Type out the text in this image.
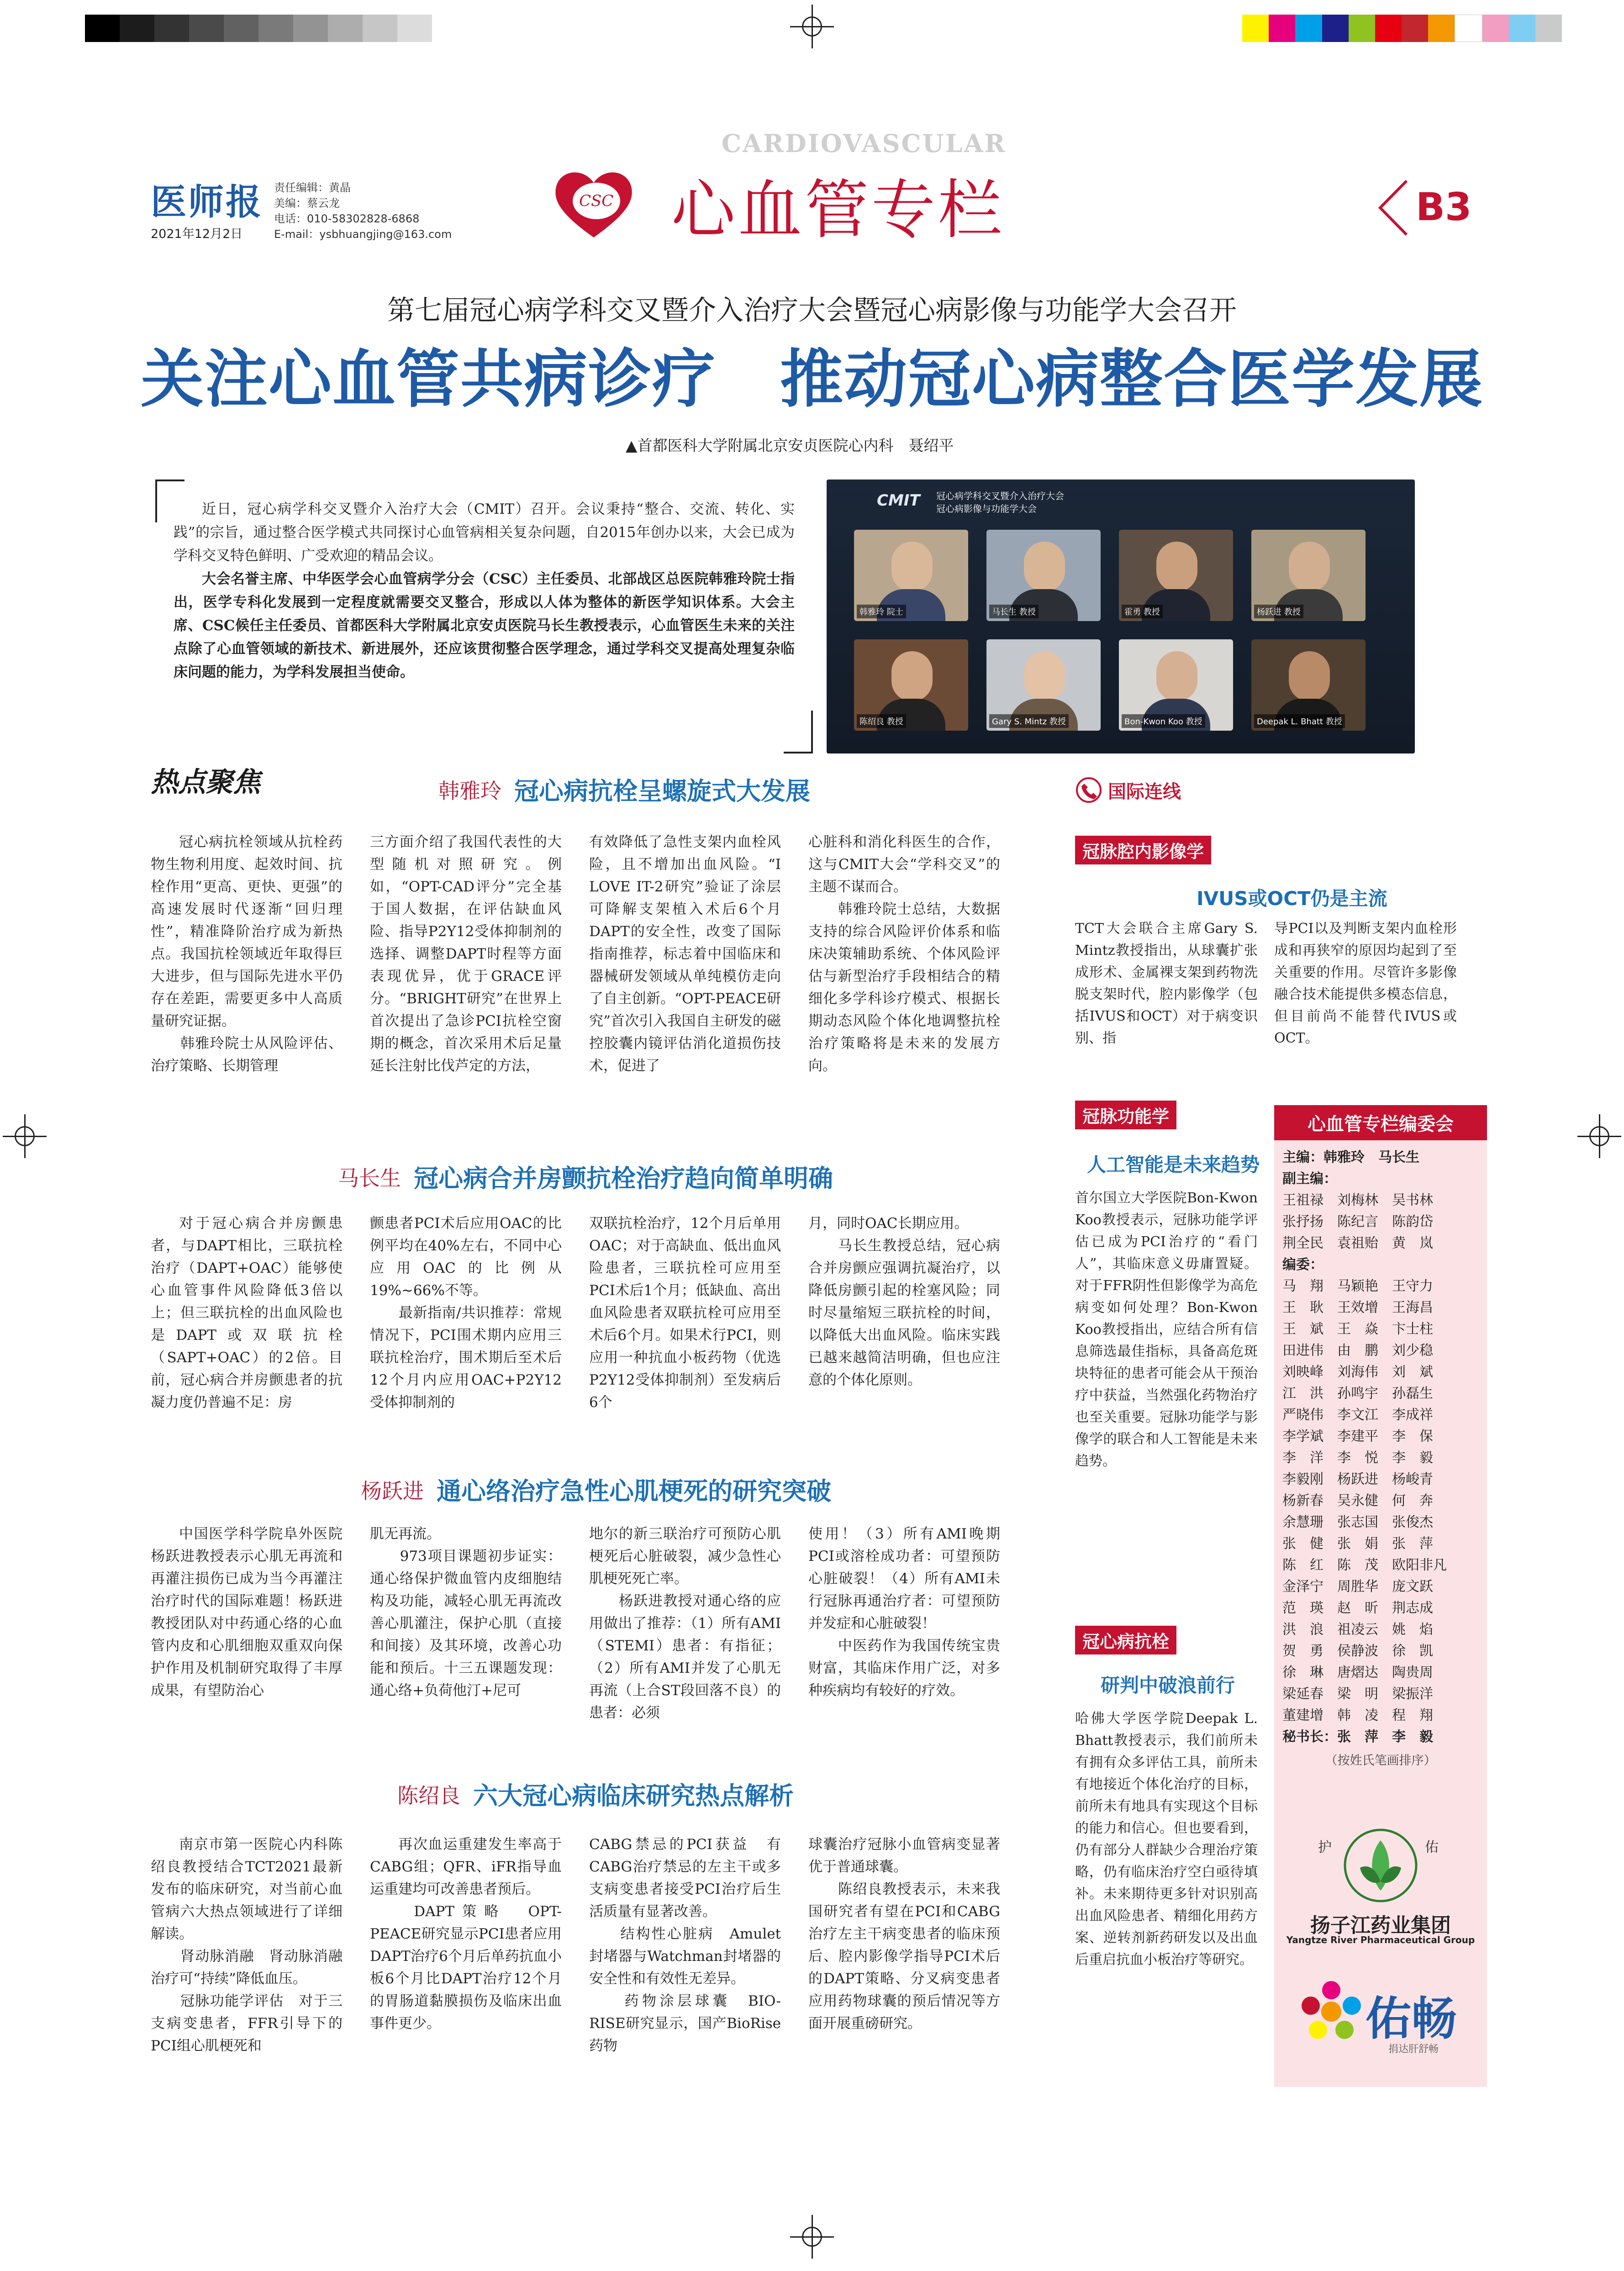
医师报
2021年12月2日
责任编辑：黄晶
美编：蔡云龙
电话：010-58302828-6868
E-mail：ysbhuangjing@163.com
CSC
CARDIOVASCULAR
心血管专栏	B3
第七届冠心病学科交叉暨介入治疗大会暨冠心病影像与功能学大会召开
关注心血管共病诊疗　推动冠心病整合医学发展
▲首都医科大学附属北京安贞医院心内科　聂绍平
近日，冠心病学科交叉暨介入治疗大会（CMIT）召开。会议秉持“整合、交流、转化、实践”的宗旨，通过整合医学模式共同探讨心血管病相关复杂问题，自2015年创办以来，大会已成为学科交叉特色鲜明、广受欢迎的精品会议。
大会名誉主席、中华医学会心血管病学分会（CSC）主任委员、北部战区总医院韩雅玲院士指出，医学专科化发展到一定程度就需要交叉整合，形成以人体为整体的新医学知识体系。大会主席、CSC候任主任委员、首都医科大学附属北京安贞医院马长生教授表示，心血管医生未来的关注点除了心血管领域的新技术、新进展外，还应该贯彻整合医学理念，通过学科交叉提高处理复杂临床问题的能力，为学科发展担当使命。
CMIT 冠心病学科交叉暨介入治疗大会
冠心病影像与功能学大会
韩雅玲 院士	马长生 教授	霍勇 教授	杨跃进 教授
陈绍良 教授	Gary S. Mintz 教授	Bon-Kwon Koo 教授	Deepak L. Bhatt 教授
热点聚焦	韩雅玲 冠心病抗栓呈螺旋式大发展
冠心病抗栓领域从抗栓药物生物利用度、起效时间、抗栓作用“更高、更快、更强”的高速发展时代逐渐“回归理性”，精准降阶治疗成为新热点。我国抗栓领域近年取得巨大进步，但与国际先进水平仍存在差距，需要更多中人高质量研究证据。
　　韩雅玲院士从风险评估、治疗策略、长期管理
三方面介绍了我国代表性的大型随机对照研究。例如，“OPT-CAD评分”完全基于国人数据，在评估缺血风险、指导P2Y12受体抑制剂的选择、调整DAPT时程等方面表现优异，优于GRACE评分。“BRIGHT研究”在世界上首次提出了急诊PCI抗栓空窗期的概念，首次采用术后足量延长注射比伐芦定的方法，
有效降低了急性支架内血栓风险，且不增加出血风险。“I LOVE IT-2研究”验证了涂层可降解支架植入术后6个月DAPT的安全性，改变了国际指南推荐，标志着中国临床和器械研发领域从单纯模仿走向了自主创新。“OPT-PEACE研究”首次引入我国自主研发的磁控胶囊内镜评估消化道损伤技术，促进了
心脏科和消化科医生的合作，这与CMIT大会“学科交叉”的主题不谋而合。
　　韩雅玲院士总结，大数据支持的综合风险评价体系和临床决策辅助系统、个体风险评估与新型治疗手段相结合的精细化多学科诊疗模式、根据长期动态风险个体化地调整抗栓治疗策略将是未来的发展方向。
马长生 冠心病合并房颤抗栓治疗趋向简单明确
对于冠心病合并房颤患者，与DAPT相比，三联抗栓治疗（DAPT+OAC）能够使心血管事件风险降低3倍以上；但三联抗栓的出血风险也是DAPT或双联抗栓（SAPT+OAC）的2倍。目前，冠心病合并房颤患者的抗凝力度仍普遍不足：房
颤患者PCI术后应用OAC的比例平均在40%左右，不同中心应用OAC的比例从19%~66%不等。
　　最新指南/共识推荐：常规情况下，PCI围术期内应用三联抗栓治疗，围术期后至术后12个月内应用OAC+P2Y12受体抑制剂的
双联抗栓治疗，12个月后单用OAC；对于高缺血、低出血风险患者，三联抗栓可应用至PCI术后1个月；低缺血、高出血风险患者双联抗栓可应用至术后6个月。如果术行PCI，则应用一种抗血小板药物（优选P2Y12受体抑制剂）至发病后6个
月，同时OAC长期应用。
　　马长生教授总结，冠心病合并房颤应强调抗凝治疗，以降低房颤引起的栓塞风险；同时尽量缩短三联抗栓的时间，以降低大出血风险。临床实践已越来越简洁明确，但也应注意的个体化原则。
杨跃进 通心络治疗急性心肌梗死的研究突破
中国医学科学院阜外医院杨跃进教授表示心肌无再流和再灌注损伤已成为当今再灌注治疗时代的国际难题！杨跃进教授团队对中药通心络的心血管内皮和心肌细胞双重双向保护作用及机制研究取得了丰厚成果，有望防治心
肌无再流。
　　973项目课题初步证实：通心络保护微血管内皮细胞结构及功能，减轻心肌无再流改善心肌灌注，保护心肌（直接和间接）及其环境，改善心功能和预后。十三五课题发现：通心络+负荷他汀+尼可
地尔的新三联治疗可预防心肌梗死后心脏破裂，减少急性心肌梗死死亡率。
　　杨跃进教授对通心络的应用做出了推荐：（1）所有AMI（STEMI）患者：有指征；（2）所有AMI并发了心肌无再流（上合ST段回落不良）的患者：必须
使用！（3）所有AMI晚期PCI或溶栓成功者：可望预防心脏破裂！（4）所有AMI未行冠脉再通治疗者：可望预防并发症和心脏破裂！
　　中医药作为我国传统宝贵财富，其临床作用广泛，对多种疾病均有较好的疗效。
陈绍良 六大冠心病临床研究热点解析
南京市第一医院心内科陈绍良教授结合TCT2021最新发布的临床研究，对当前心血管病六大热点领域进行了详细解读。
　　肾动脉消融　肾动脉消融治疗可“持续”降低血压。
　　冠脉功能学评估　对于三支病变患者，FFR引导下的PCI组心肌梗死和
再次血运重建发生率高于CABG组；QFR、iFR指导血运重建均可改善患者预后。
　　DAPT策略　OPT-PEACE研究显示PCI患者应用DAPT治疗6个月后单药抗血小板6个月比DAPT治疗12个月的胃肠道黏膜损伤及临床出血事件更少。
CABG禁忌的PCI获益　有CABG治疗禁忌的左主干或多支病变患者接受PCI治疗后生活质量有显著改善。
　　结构性心脏病　Amulet封堵器与Watchman封堵器的安全性和有效性无差异。
　　药物涂层球囊　BIO-RISE研究显示，国产BioRise药物
球囊治疗冠脉小血管病变显著优于普通球囊。
　　陈绍良教授表示，未来我国研究者有望在PCI和CABG治疗左主干病变患者的临床预后、腔内影像学指导PCI术后的DAPT策略、分叉病变患者应用药物球囊的预后情况等方面开展重磅研究。
国际连线
冠脉腔内影像学
IVUS或OCT仍是主流
TCT大会联合主席Gary S. Mintz教授指出，从球囊扩张成形术、金属裸支架到药物洗脱支架时代，腔内影像学（包括IVUS和OCT）对于病变识别、指
导PCI以及判断支架内血栓形成和再狭窄的原因均起到了至关重要的作用。尽管许多影像融合技术能提供多模态信息，但目前尚不能替代IVUS或OCT。
冠脉功能学
人工智能是未来趋势
首尔国立大学医院Bon-Kwon Koo教授表示，冠脉功能学评估已成为PCI治疗的“看门人”，其临床意义毋庸置疑。对于FFR阴性但影像学为高危病变如何处理？Bon-Kwon Koo教授指出，应结合所有信息筛选最佳指标，具备高危斑块特征的患者可能会从干预治疗中获益，当然强化药物治疗也至关重要。冠脉功能学与影像学的联合和人工智能是未来趋势。
冠心病抗栓
研判中破浪前行
哈佛大学医学院Deepak L. Bhatt教授表示，我们前所未有拥有众多评估工具，前所未有地接近个体化治疗的目标，前所未有地具有实现这个目标的能力和信心。但也要看到，仍有部分人群缺少合理治疗策略，仍有临床治疗空白亟待填补。未来期待更多针对识别高出血风险患者、精细化用药方案、逆转剂新药研发以及出血后重启抗血小板治疗等研究。
心血管专栏编委会
主编：韩雅玲　马长生
副主编：
王祖禄　刘梅林　吴书林
张抒扬　陈纪言　陈韵岱
荆全民　袁祖贻　黄　岚
编委：
马　翔　马颖艳　王守力
王　耿　王效增　王海昌
王　斌　王　焱　卞士柱
田进伟　由　鹏　刘少稳
刘映峰　刘海伟　刘　斌
江　洪　孙鸣宇　孙磊生
严晓伟　李文江　李成祥
李学斌　李建平　李　保
李　洋　李　悦　李　毅
李毅刚　杨跃进　杨峻青
杨新春　吴永健　何　奔
余慧珊　张志国　张俊杰
张　健　张　娟　张　萍
陈　红　陈　茂　欧阳非凡
金泽宁　周胜华　庞文跃
范　瑛　赵　昕　荆志成
洪　浪　祖凌云　姚　焰
贺　勇　侯静波　徐　凯
徐　琳　唐熠达　陶贵周
梁延春　梁　明　梁振洋
董建增　韩　凌　程　翔
秘书长：张　萍　李　毅
（按姓氏笔画排序）
护	佑
扬子江药业集团
Yangtze River Pharmaceutical Group
佑畅
捐达肝舒畅
